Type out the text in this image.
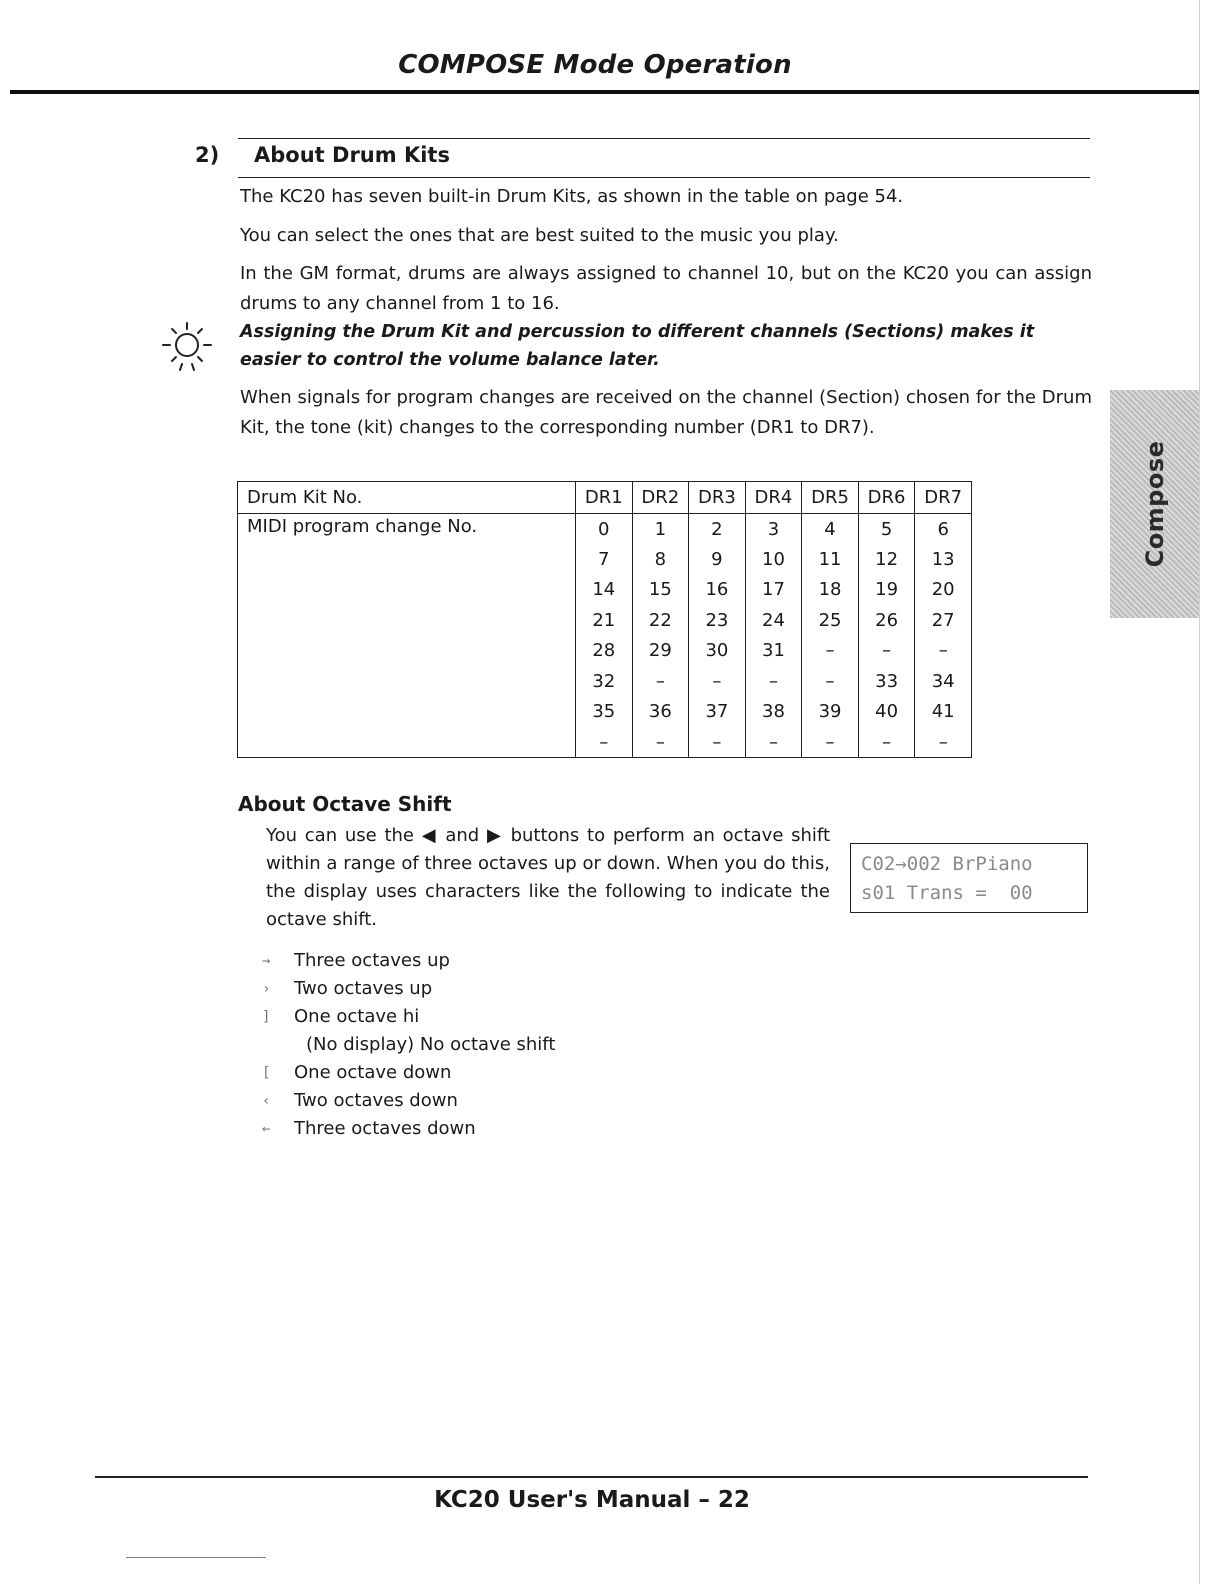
COMPOSE Mode Operation
2) About Drum Kits
The KC20 has seven built-in Drum Kits, as shown in the table on page 54.
You can select the ones that are best suited to the music you play.
In the GM format, drums are always assigned to channel 10, but on the KC20 you can assign drums to any channel from 1 to 16.
Assigning the Drum Kit and percussion to different channels (Sections) makes it easier to control the volume balance later.
When signals for program changes are received on the channel (Section) chosen for the Drum Kit, the tone (kit) changes to the corresponding number (DR1 to DR7).
Compose
Drum Kit No.	DR1	DR2	DR3	DR4	DR5	DR6	DR7
MIDI program change No.	0	1	2	3	4	5	6
	7	8	9	10	11	12	13
	14	15	16	17	18	19	20
	21	22	23	24	25	26	27
	28	29	30	31	–	–	–
	32	–	–	–	–	33	34
	35	36	37	38	39	40	41
	–	–	–	–	–	–	–
About Octave Shift
You can use the ◀ and ▶ buttons to perform an octave shift within a range of three octaves up or down. When you do this, the display uses characters like the following to indicate the octave shift.
C02→002 BrPiano
s01 Trans =  00
→	Three octaves up
›	Two octaves up
]	One octave hi
(No display) No octave shift
[	One octave down
‹	Two octaves down
←	Three octaves down
KC20 User's Manual – 22
